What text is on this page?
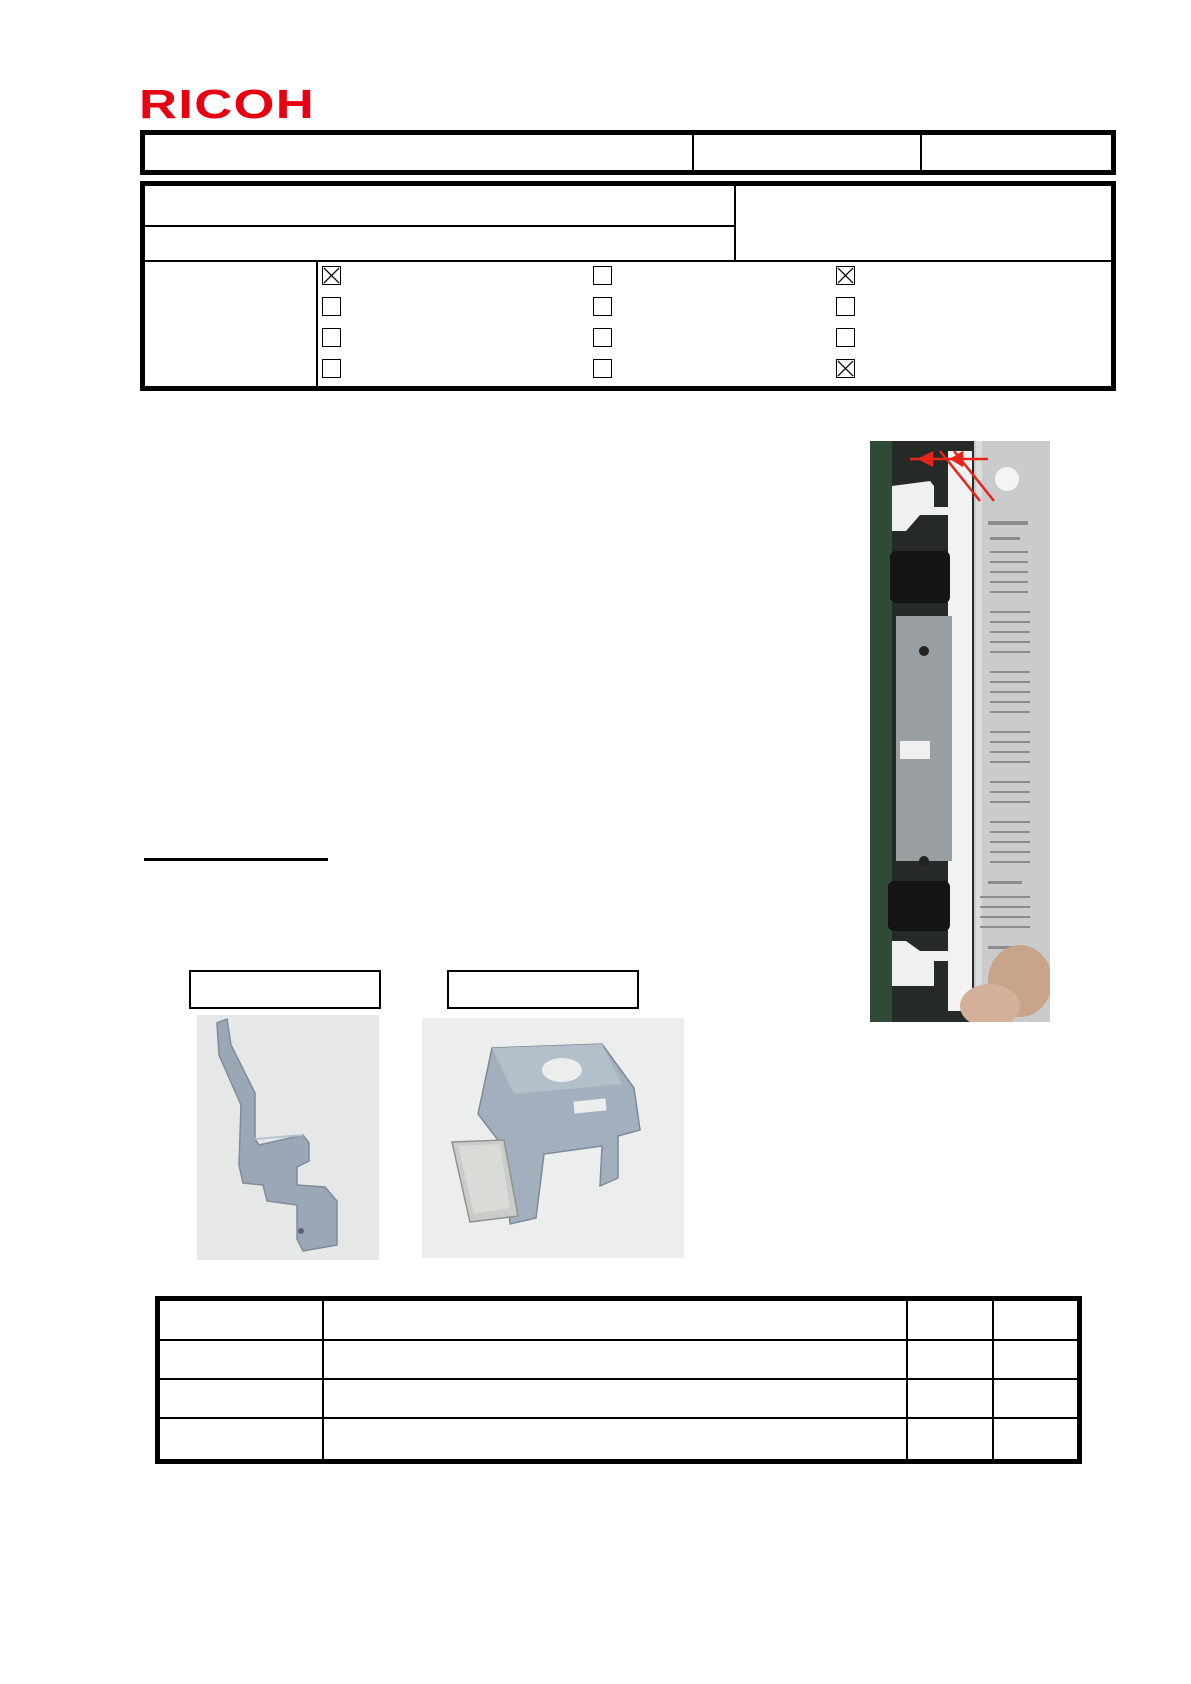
RICOH
